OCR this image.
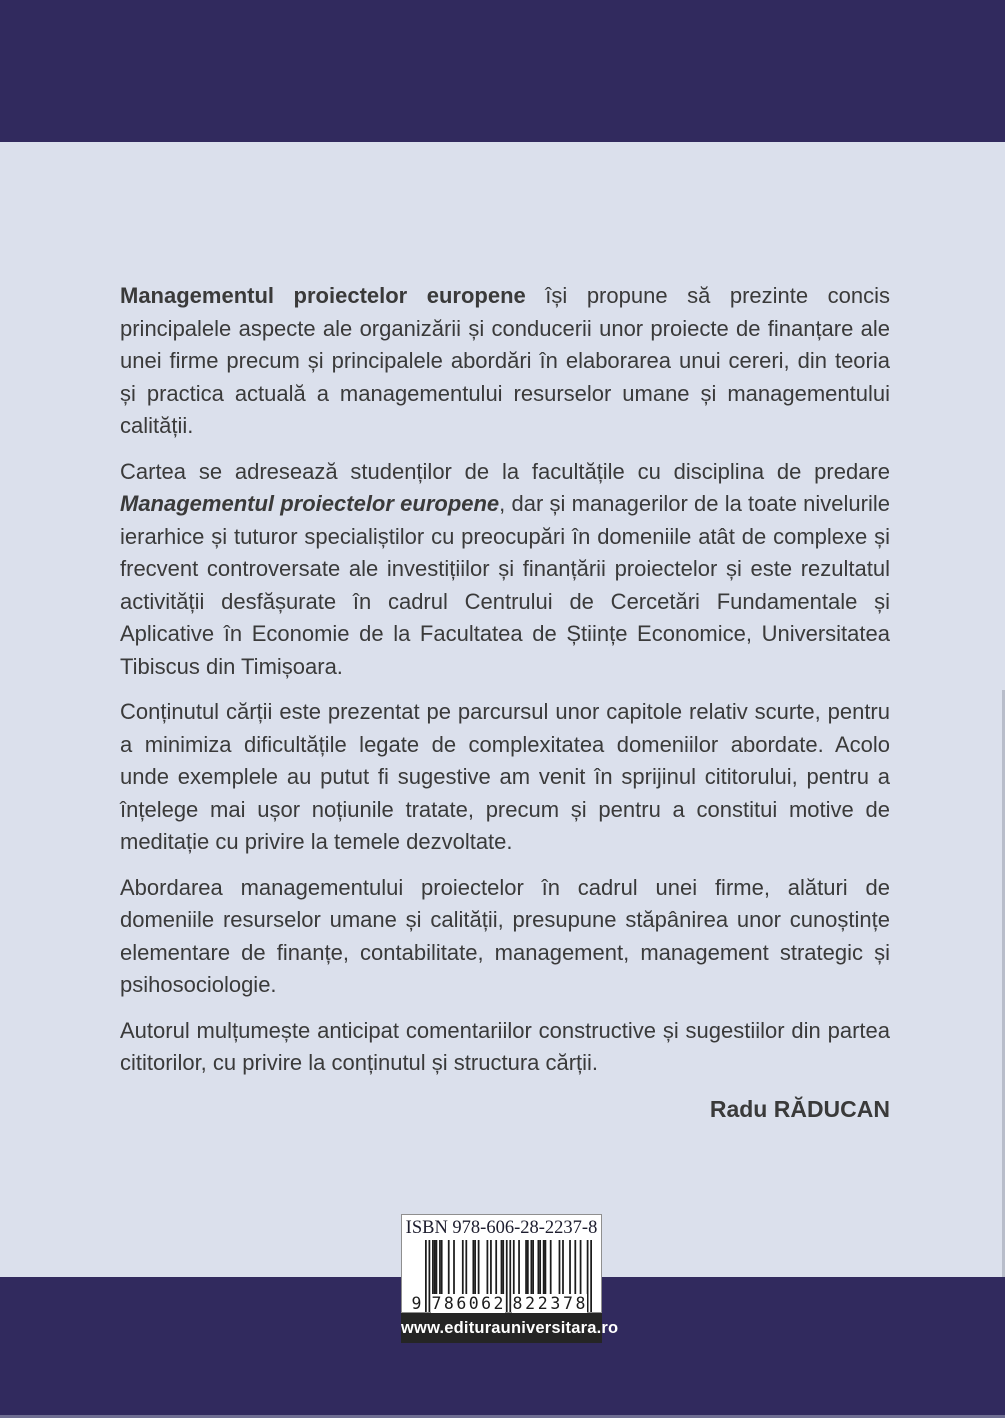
Managementul proiectelor europene își propune să prezinte concis principalele aspecte ale organizării și conducerii unor proiecte de finanțare ale unei firme precum și principalele abordări în elaborarea unui cereri, din teoria și practica actuală a managementului resurselor umane și managementului calității.

Cartea se adresează studenților de la facultățile cu disciplina de predare Managementul proiectelor europene, dar și managerilor de la toate nivelurile ierarhice și tuturor specialiștilor cu preocupări în domeniile atât de complexe și frecvent controversate ale investițiilor și finanțării proiectelor și este rezultatul activității desfășurate în cadrul Centrului de Cercetări Fundamentale și Aplicative în Economie de la Facultatea de Științe Economice, Universitatea Tibiscus din Timișoara.

Conținutul cărții este prezentat pe parcursul unor capitole relativ scurte, pentru a minimiza dificultățile legate de complexitatea domeniilor abordate. Acolo unde exemplele au putut fi sugestive am venit în sprijinul cititorului, pentru a înțelege mai ușor noțiunile tratate, precum și pentru a constitui motive de meditație cu privire la temele dezvoltate.

Abordarea managementului proiectelor în cadrul unei firme, alături de domeniile resurselor umane și calității, presupune stăpânirea unor cunoștințe elementare de finanțe, contabilitate, management, management strategic și psihosociologie.

Autorul mulțumește anticipat comentariilor constructive și sugestiilor din partea cititorilor, cu privire la conținutul și structura cărții.

Radu RĂDUCAN
ISBN 978-606-28-2237-8
9 7 8 6 0 6 2 8 2 2 3 7 8
www.editurauniversitara.ro
